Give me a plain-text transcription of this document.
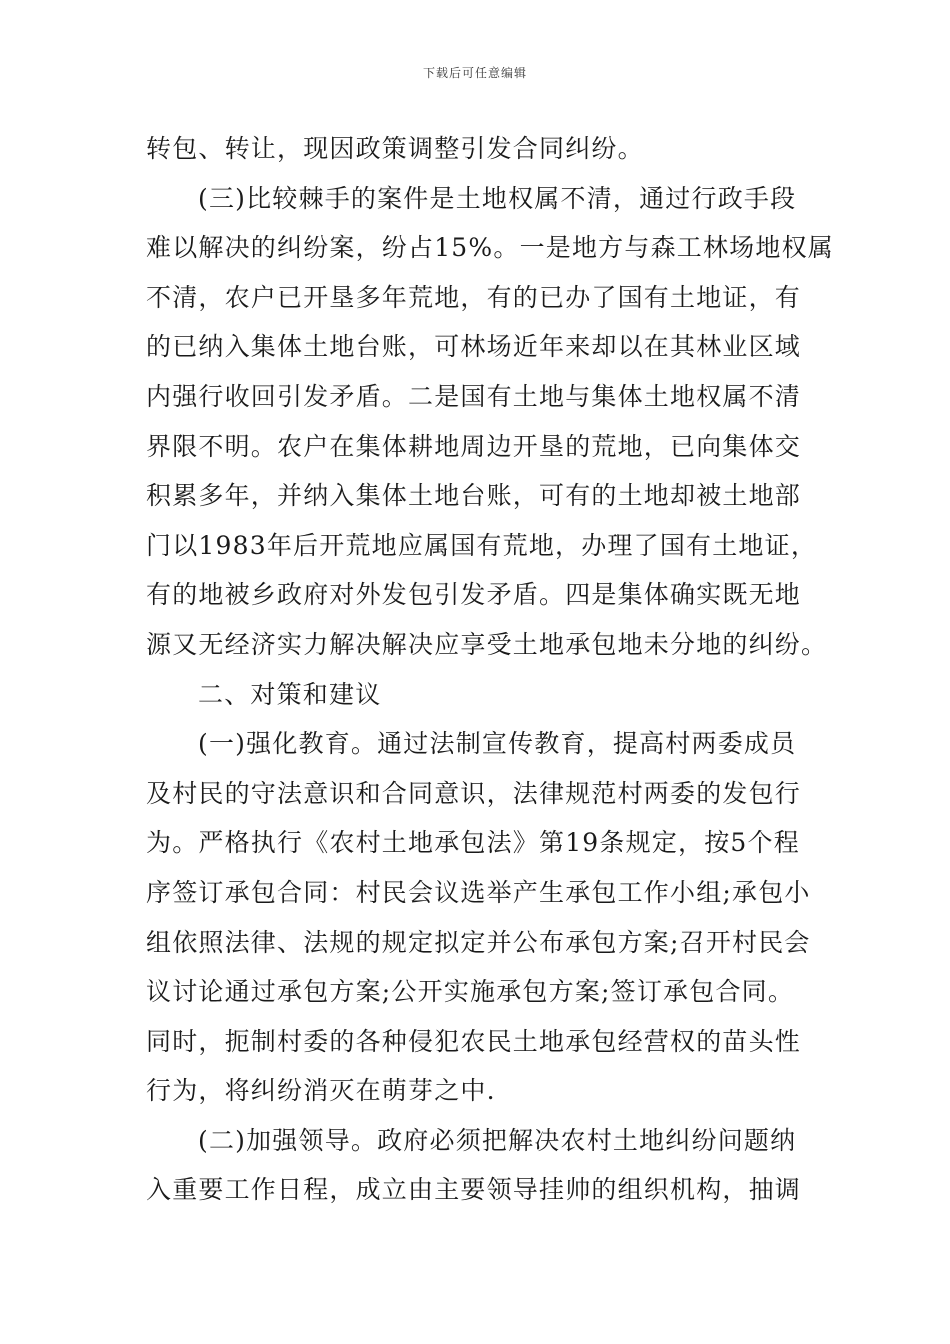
下载后可任意编辑
转包、转让，现因政策调整引发合同纠纷。
(三)比较棘手的案件是土地权属不清，通过行政手段
难以解决的纠纷案，纷占15%。一是地方与森工林场地权属
不清，农户已开垦多年荒地，有的已办了国有土地证，有
的已纳入集体土地台账，可林场近年来却以在其林业区域
内强行收回引发矛盾。二是国有土地与集体土地权属不清
界限不明。农户在集体耕地周边开垦的荒地，已向集体交
积累多年，并纳入集体土地台账，可有的土地却被土地部
门以1983年后开荒地应属国有荒地，办理了国有土地证，
有的地被乡政府对外发包引发矛盾。四是集体确实既无地
源又无经济实力解决解决应享受土地承包地未分地的纠纷。
二、对策和建议
(一)强化教育。通过法制宣传教育，提高村两委成员
及村民的守法意识和合同意识，法律规范村两委的发包行
为。严格执行《农村土地承包法》第19条规定，按5个程
序签订承包合同：村民会议选举产生承包工作小组;承包小
组依照法律、法规的规定拟定并公布承包方案;召开村民会
议讨论通过承包方案;公开实施承包方案;签订承包合同。
同时，扼制村委的各种侵犯农民土地承包经营权的苗头性
行为，将纠纷消灭在萌芽之中.
(二)加强领导。政府必须把解决农村土地纠纷问题纳
入重要工作日程，成立由主要领导挂帅的组织机构，抽调
